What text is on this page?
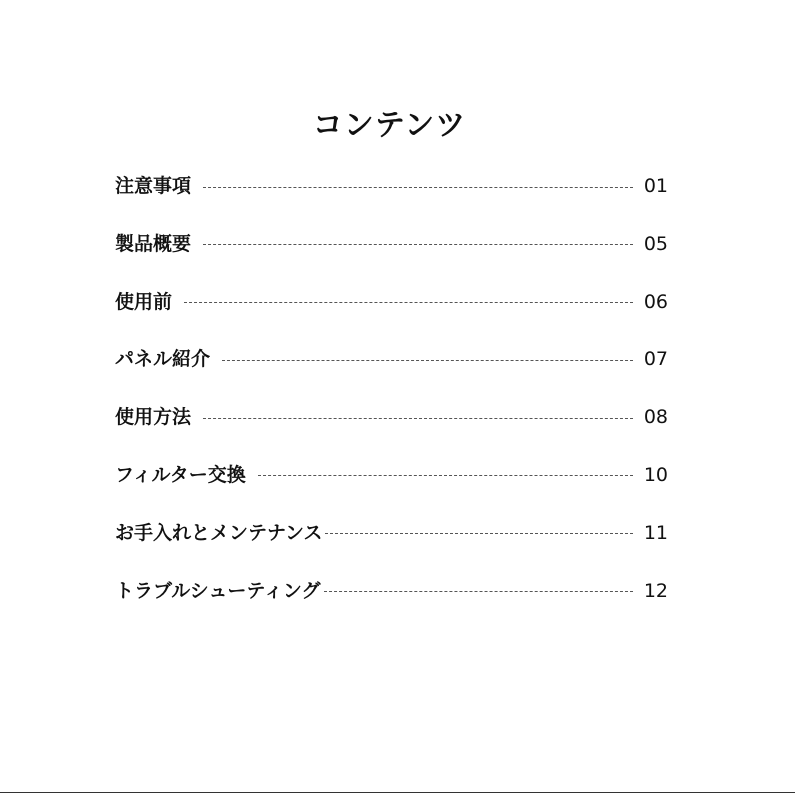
コンテンツ
注意事項	01
製品概要	05
使用前	06
パネル紹介	07
使用方法	08
フィルター交換	10
お手入れとメンテナンス	11
トラブルシューティング	12
